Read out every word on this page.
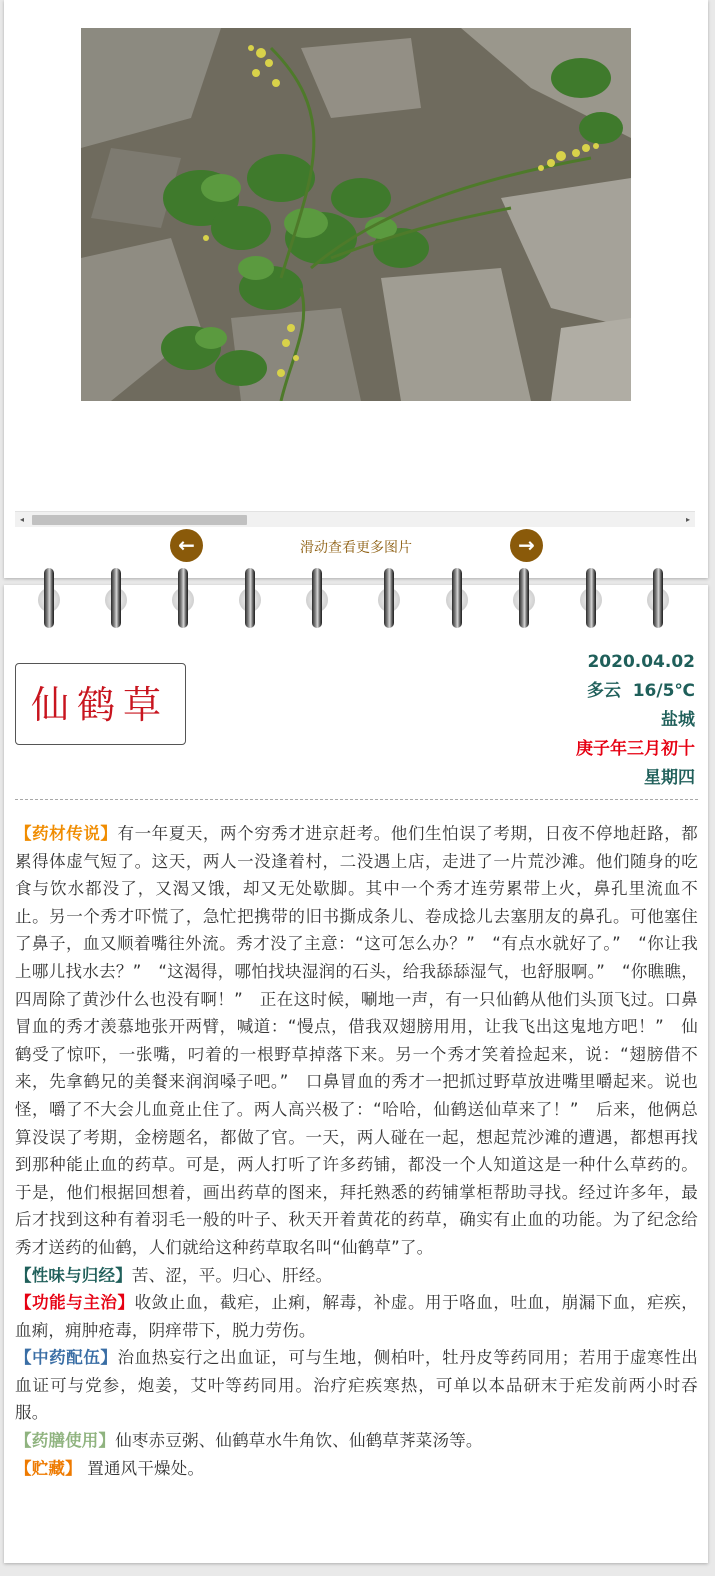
◂	▸
←	滑动查看更多图片	→
仙鹤草
2020.04.02
多云  16/5℃
盐城
庚子年三月初十
星期四

【药材传说】有一年夏天，两个穷秀才进京赶考。他们生怕误了考期，日夜不停地赶路，都累得体虚气短了。这天，两人一没逢着村，二没遇上店，走进了一片荒沙滩。他们随身的吃食与饮水都没了，又渴又饿，却又无处歇脚。其中一个秀才连劳累带上火，鼻孔里流血不止。另一个秀才吓慌了，急忙把携带的旧书撕成条儿、卷成捻儿去塞朋友的鼻孔。可他塞住了鼻子，血又顺着嘴往外流。秀才没了主意：“这可怎么办？”　“有点水就好了。”　“你让我上哪儿找水去？”　“这渴得，哪怕找块湿润的石头，给我舔舔湿气，也舒服啊。”　“你瞧瞧，四周除了黄沙什么也没有啊！”　正在这时候，唰地一声，有一只仙鹤从他们头顶飞过。口鼻冒血的秀才羡慕地张开两臂，喊道：“慢点，借我双翅膀用用，让我飞出这鬼地方吧！”　仙鹤受了惊吓，一张嘴，叼着的一根野草掉落下来。另一个秀才笑着捡起来，说：“翅膀借不来，先拿鹤兄的美餐来润润嗓子吧。”　口鼻冒血的秀才一把抓过野草放进嘴里嚼起来。说也怪，嚼了不大会儿血竟止住了。两人高兴极了：“哈哈，仙鹤送仙草来了！”　后来，他俩总算没误了考期，金榜题名，都做了官。一天，两人碰在一起，想起荒沙滩的遭遇，都想再找到那种能止血的药草。可是，两人打听了许多药铺，都没一个人知道这是一种什么草药的。于是，他们根据回想着，画出药草的图来，拜托熟悉的药铺掌柜帮助寻找。经过许多年，最后才找到这种有着羽毛一般的叶子、秋天开着黄花的药草，确实有止血的功能。为了纪念给秀才送药的仙鹤，人们就给这种药草取名叫“仙鹤草”了。

【性味与归经】苦、涩，平。归心、肝经。

【功能与主治】收敛止血，截疟，止痢，解毒，补虚。用于咯血，吐血，崩漏下血，疟疾，血痢，痈肿疮毒，阴痒带下，脱力劳伤。

【中药配伍】治血热妄行之出血证，可与生地，侧柏叶，牡丹皮等药同用；若用于虚寒性出血证可与党参，炮姜，艾叶等药同用。治疗疟疾寒热，可单以本品研末于疟发前两小时吞服。

【药膳使用】仙枣赤豆粥、仙鹤草水牛角饮、仙鹤草荠菜汤等。

【贮藏】 置通风干燥处。
